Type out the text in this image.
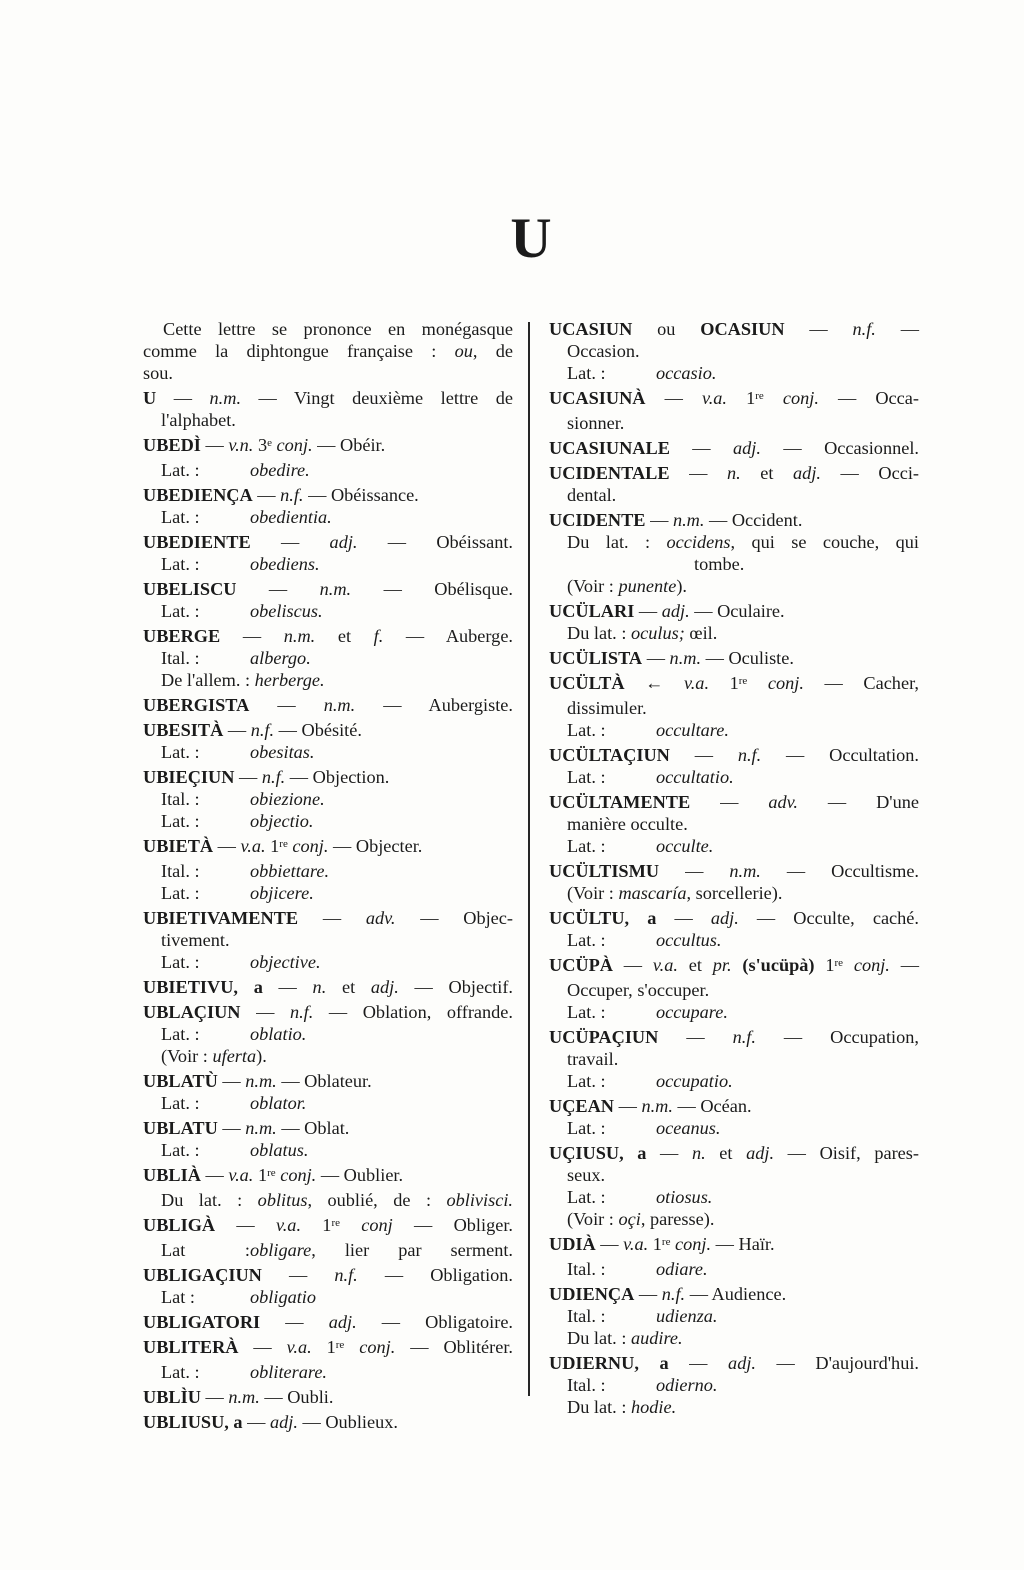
U
Cette lettre se prononce en monégasque
comme la diphtongue française : ou, de
sou.
U — n.m. — Vingt deuxième lettre de
l'alphabet.
UBEDÌ — v.n. 3e conj. — Obéir.
Lat. :	obedire.
UBEDIENÇA — n.f. — Obéissance.
Lat. :	obedientia.
UBEDIENTE — adj. — Obéissant.
Lat. :	obediens.
UBELISCU — n.m. — Obélisque.
Lat. :	obeliscus.
UBERGE — n.m. et f. — Auberge.
Ital. :	albergo.
De l'allem. : herberge.
UBERGISTA — n.m. — Aubergiste.
UBESITÀ — n.f. — Obésité.
Lat. :	obesitas.
UBIEÇIUN — n.f. — Objection.
Ital. :	obiezione.
Lat. :	objectio.
UBIETÀ — v.a. 1re conj. — Objecter.
Ital. :	obbiettare.
Lat. :	objicere.
UBIETIVAMENTE — adv. — Objec-
tivement.
Lat. :	objective.
UBIETIVU, a — n. et adj. — Objectif.
UBLAÇIUN — n.f. — Oblation, offrande.
Lat. :	oblatio.
(Voir : uferta).
UBLATÙ — n.m. — Oblateur.
Lat. :	oblator.
UBLATU — n.m. — Oblat.
Lat. :	oblatus.
UBLIÀ — v.a. 1re conj. — Oublier.
Du lat. : oblitus, oublié, de : oblivisci.
UBLIGÀ — v.a. 1re conj — Obliger.
Lat :obligare, lier par serment.
UBLIGAÇIUN — n.f. — Obligation.
Lat :	obligatio
UBLIGATORI — adj. — Obligatoire.
UBLITERÀ — v.a. 1re conj. — Oblitérer.
Lat. :	obliterare.
UBLÌU — n.m. — Oubli.
UBLIUSU, a — adj. — Oublieux.
UCASIUN ou OCASIUN — n.f. —
Occasion.
Lat. :	occasio.
UCASIUNÀ — v.a. 1re conj. — Occa-
sionner.
UCASIUNALE — adj. — Occasionnel.
UCIDENTALE — n. et adj. — Occi-
dental.
UCIDENTE — n.m. — Occident.
Du lat. : occidens, qui se couche, qui
tombe.
(Voir : punente).
UCÜLARI — adj. — Oculaire.
Du lat. : oculus; œil.
UCÜLISTA — n.m. — Oculiste.
UCÜLTÀ ← v.a. 1re conj. — Cacher,
dissimuler.
Lat. :	occultare.
UCÜLTAÇIUN — n.f. — Occultation.
Lat. :	occultatio.
UCÜLTAMENTE — adv. — D'une
manière occulte.
Lat. :	occulte.
UCÜLTISMU — n.m. — Occultisme.
(Voir : mascaría, sorcellerie).
UCÜLTU, a — adj. — Occulte, caché.
Lat. :	occultus.
UCÜPÀ — v.a. et pr. (s'ucüpà) 1re conj. —
Occuper, s'occuper.
Lat. :	occupare.
UCÜPAÇIUN — n.f. — Occupation,
travail.
Lat. :	occupatio.
UÇEAN — n.m. — Océan.
Lat. :	oceanus.
UÇIUSU, a — n. et adj. — Oisif, pares-
seux.
Lat. :	otiosus.
(Voir : oçi, paresse).
UDIÀ — v.a. 1re conj. — Haïr.
Ital. :	odiare.
UDIENÇA — n.f. — Audience.
Ital. :	udienza.
Du lat. : audire.
UDIERNU, a — adj. — D'aujourd'hui.
Ital. :	odierno.
Du lat. : hodie.
